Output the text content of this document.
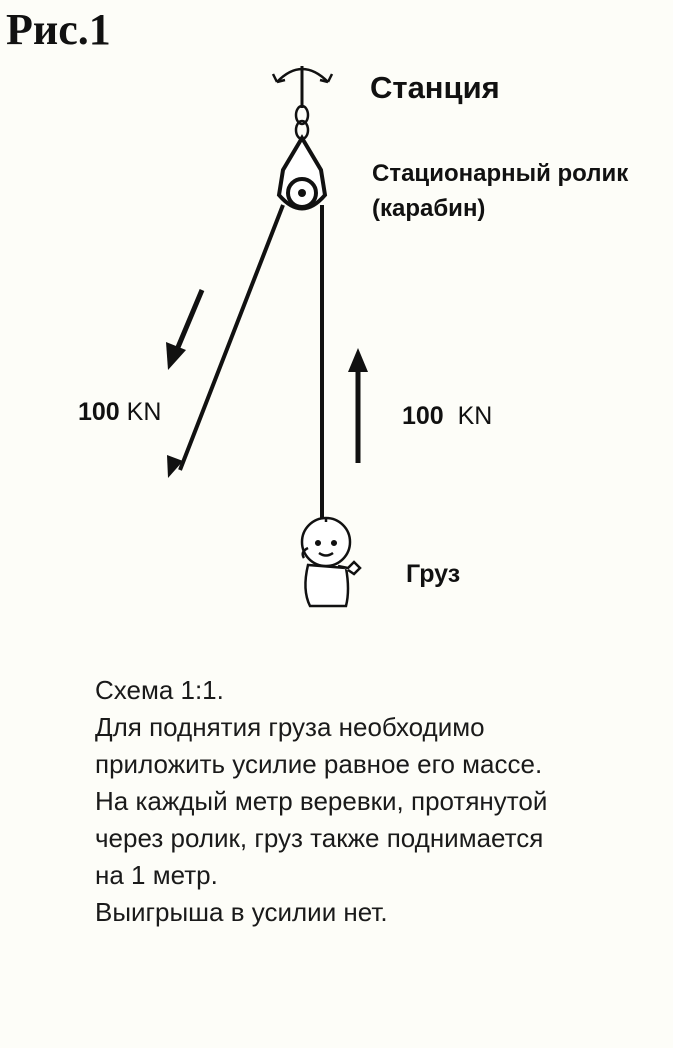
Рис.1
Станция
Стационарный ролик
(карабин)
100 KN	100 KN
Груз
Схема 1:1.
Для поднятия груза необходимо
приложить усилие равное его массе.
На каждый метр веревки, протянутой
через ролик, груз также поднимается
на 1 метр.
Выигрыша в усилии нет.
